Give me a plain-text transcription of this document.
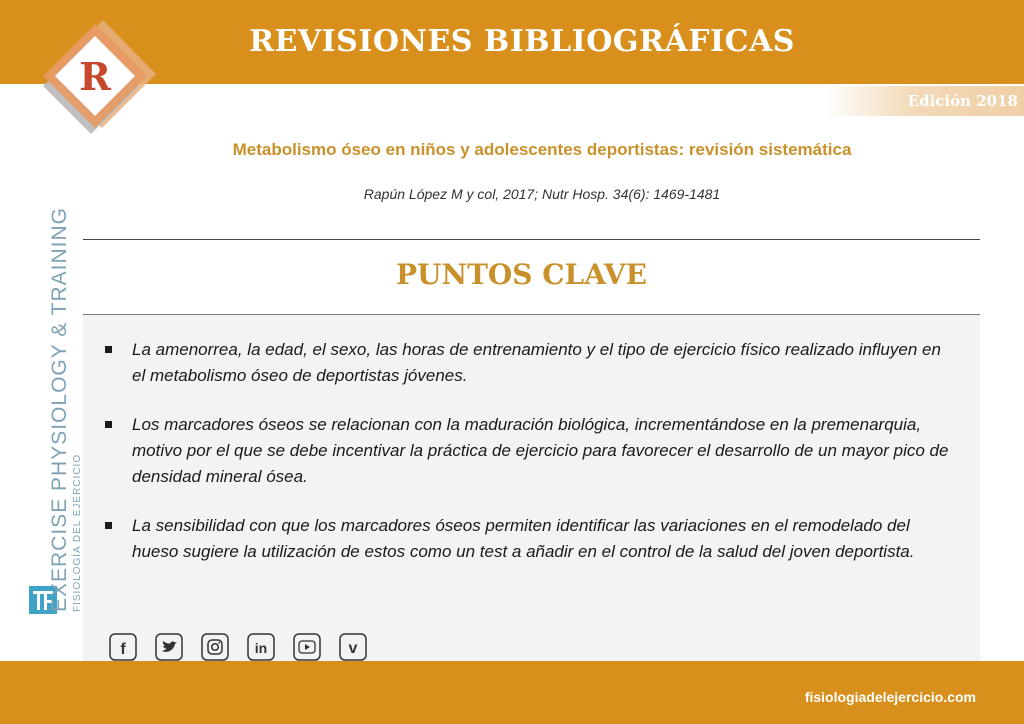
REVISIONES BIBLIOGRÁFICAS
Edición 2018
R
Metabolismo óseo en niños y adolescentes deportistas: revisión sistemática
Rapún López M y col, 2017; Nutr Hosp. 34(6): 1469-1481
PUNTOS CLAVE
La amenorrea, la edad, el sexo, las horas de entrenamiento y el tipo de ejercicio físico realizado influyen en el metabolismo óseo de deportistas jóvenes.
Los marcadores óseos se relacionan con la maduración biológica, incrementándose en la premenarquia, motivo por el que se debe incentivar la práctica de ejercicio para favorecer el desarrollo de un mayor pico de densidad mineral ósea.
La sensibilidad con que los marcadores óseos permiten identificar las variaciones en el remodelado del hueso sugiere la utilización de estos como un test a añadir en el control de la salud del joven deportista.
EXERCISE PHYSIOLOGY & TRAINING FISIOLOGÍA DEL EJERCICIO
f	in	v
fisiologiadelejercicio.com
